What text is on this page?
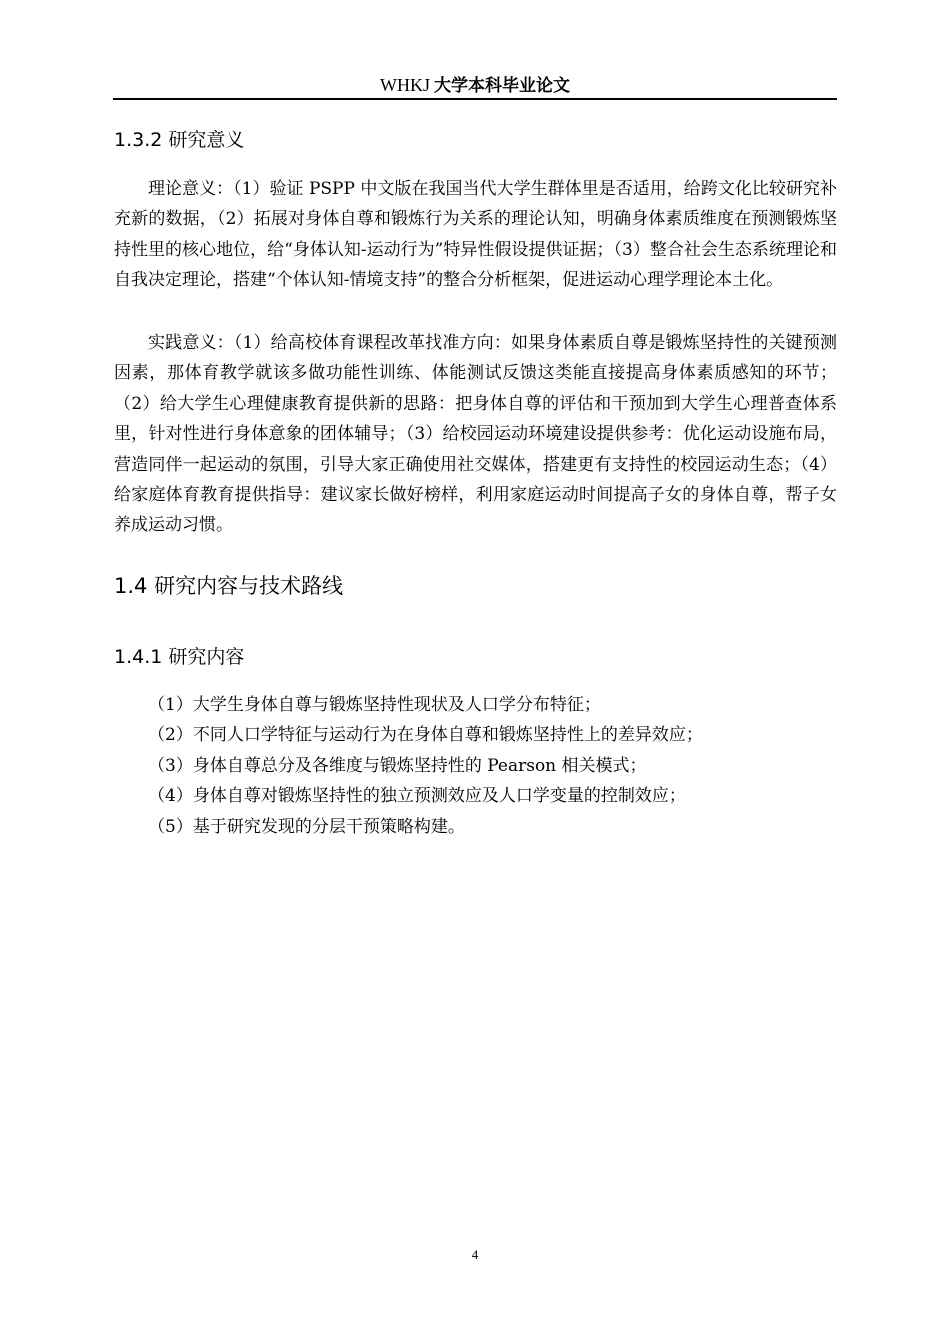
WHKJ 大学本科毕业论文
1.3.2 研究意义

理论意义：（1）验证 PSPP 中文版在我国当代大学生群体里是否适用，给跨文化比较研究补充新的数据，（2）拓展对身体自尊和锻炼行为关系的理论认知，明确身体素质维度在预测锻炼坚持性里的核心地位，给“身体认知-运动行为”特异性假设提供证据；（3）整合社会生态系统理论和自我决定理论，搭建“个体认知-情境支持”的整合分析框架，促进运动心理学理论本土化。

实践意义：（1）给高校体育课程改革找准方向：如果身体素质自尊是锻炼坚持性的关键预测因素，那体育教学就该多做功能性训练、体能测试反馈这类能直接提高身体素质感知的环节；（2）给大学生心理健康教育提供新的思路：把身体自尊的评估和干预加到大学生心理普查体系里，针对性进行身体意象的团体辅导；（3）给校园运动环境建设提供参考：优化运动设施布局，营造同伴一起运动的氛围，引导大家正确使用社交媒体，搭建更有支持性的校园运动生态；（4）给家庭体育教育提供指导：建议家长做好榜样，利用家庭运动时间提高子女的身体自尊，帮子女养成运动习惯。

1.4 研究内容与技术路线
1.4.1 研究内容
（1）大学生身体自尊与锻炼坚持性现状及人口学分布特征；
（2）不同人口学特征与运动行为在身体自尊和锻炼坚持性上的差异效应；
（3）身体自尊总分及各维度与锻炼坚持性的 Pearson 相关模式；
（4）身体自尊对锻炼坚持性的独立预测效应及人口学变量的控制效应；
（5）基于研究发现的分层干预策略构建。
4
